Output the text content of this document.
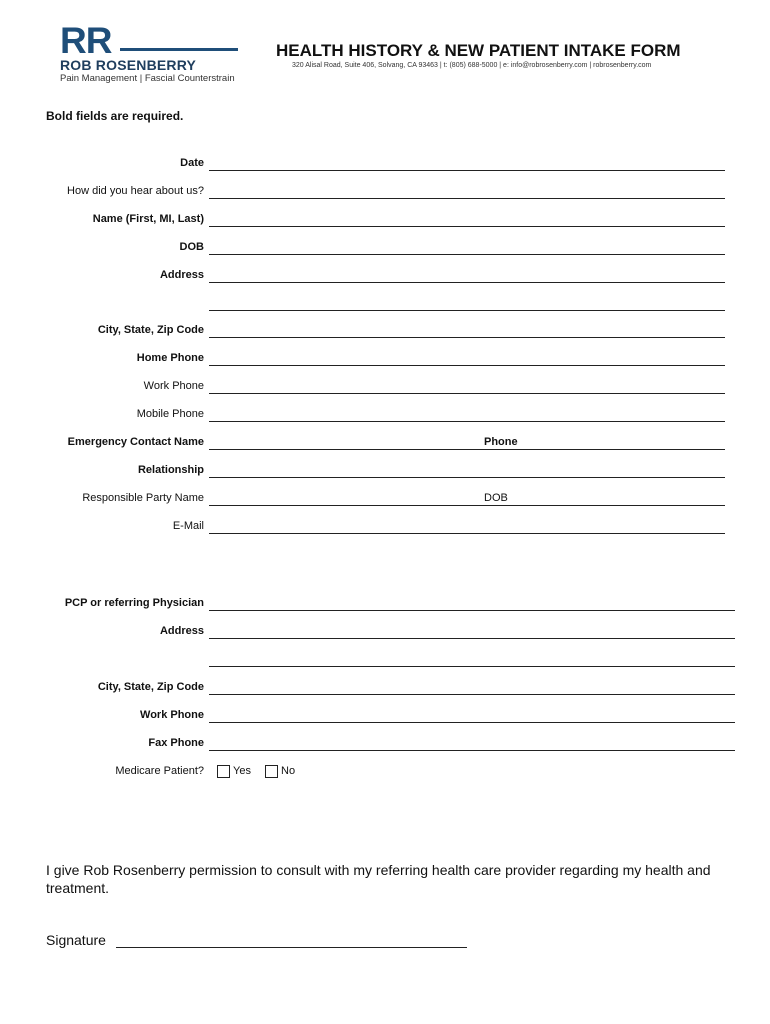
RR
ROB ROSENBERRY
Pain Management | Fascial Counterstrain
HEALTH HISTORY & NEW PATIENT INTAKE FORM
320 Alisal Road, Suite 406, Solvang, CA 93463 | t: (805) 688-5000 | e: info@robrosenberry.com | robrosenberry.com
Bold fields are required.
Date
How did you hear about us?
Name (First, MI, Last)
DOB
Address
City, State, Zip Code
Home Phone
Work Phone
Mobile Phone
Emergency Contact Name	Phone
Relationship
Responsible Party Name	DOB
E-Mail
PCP or referring Physician
Address
City, State, Zip Code
Work Phone
Fax Phone
Medicare Patient?	Yes	No
I give Rob Rosenberry permission to consult with my referring health care provider regarding my health and treatment.
Signature
